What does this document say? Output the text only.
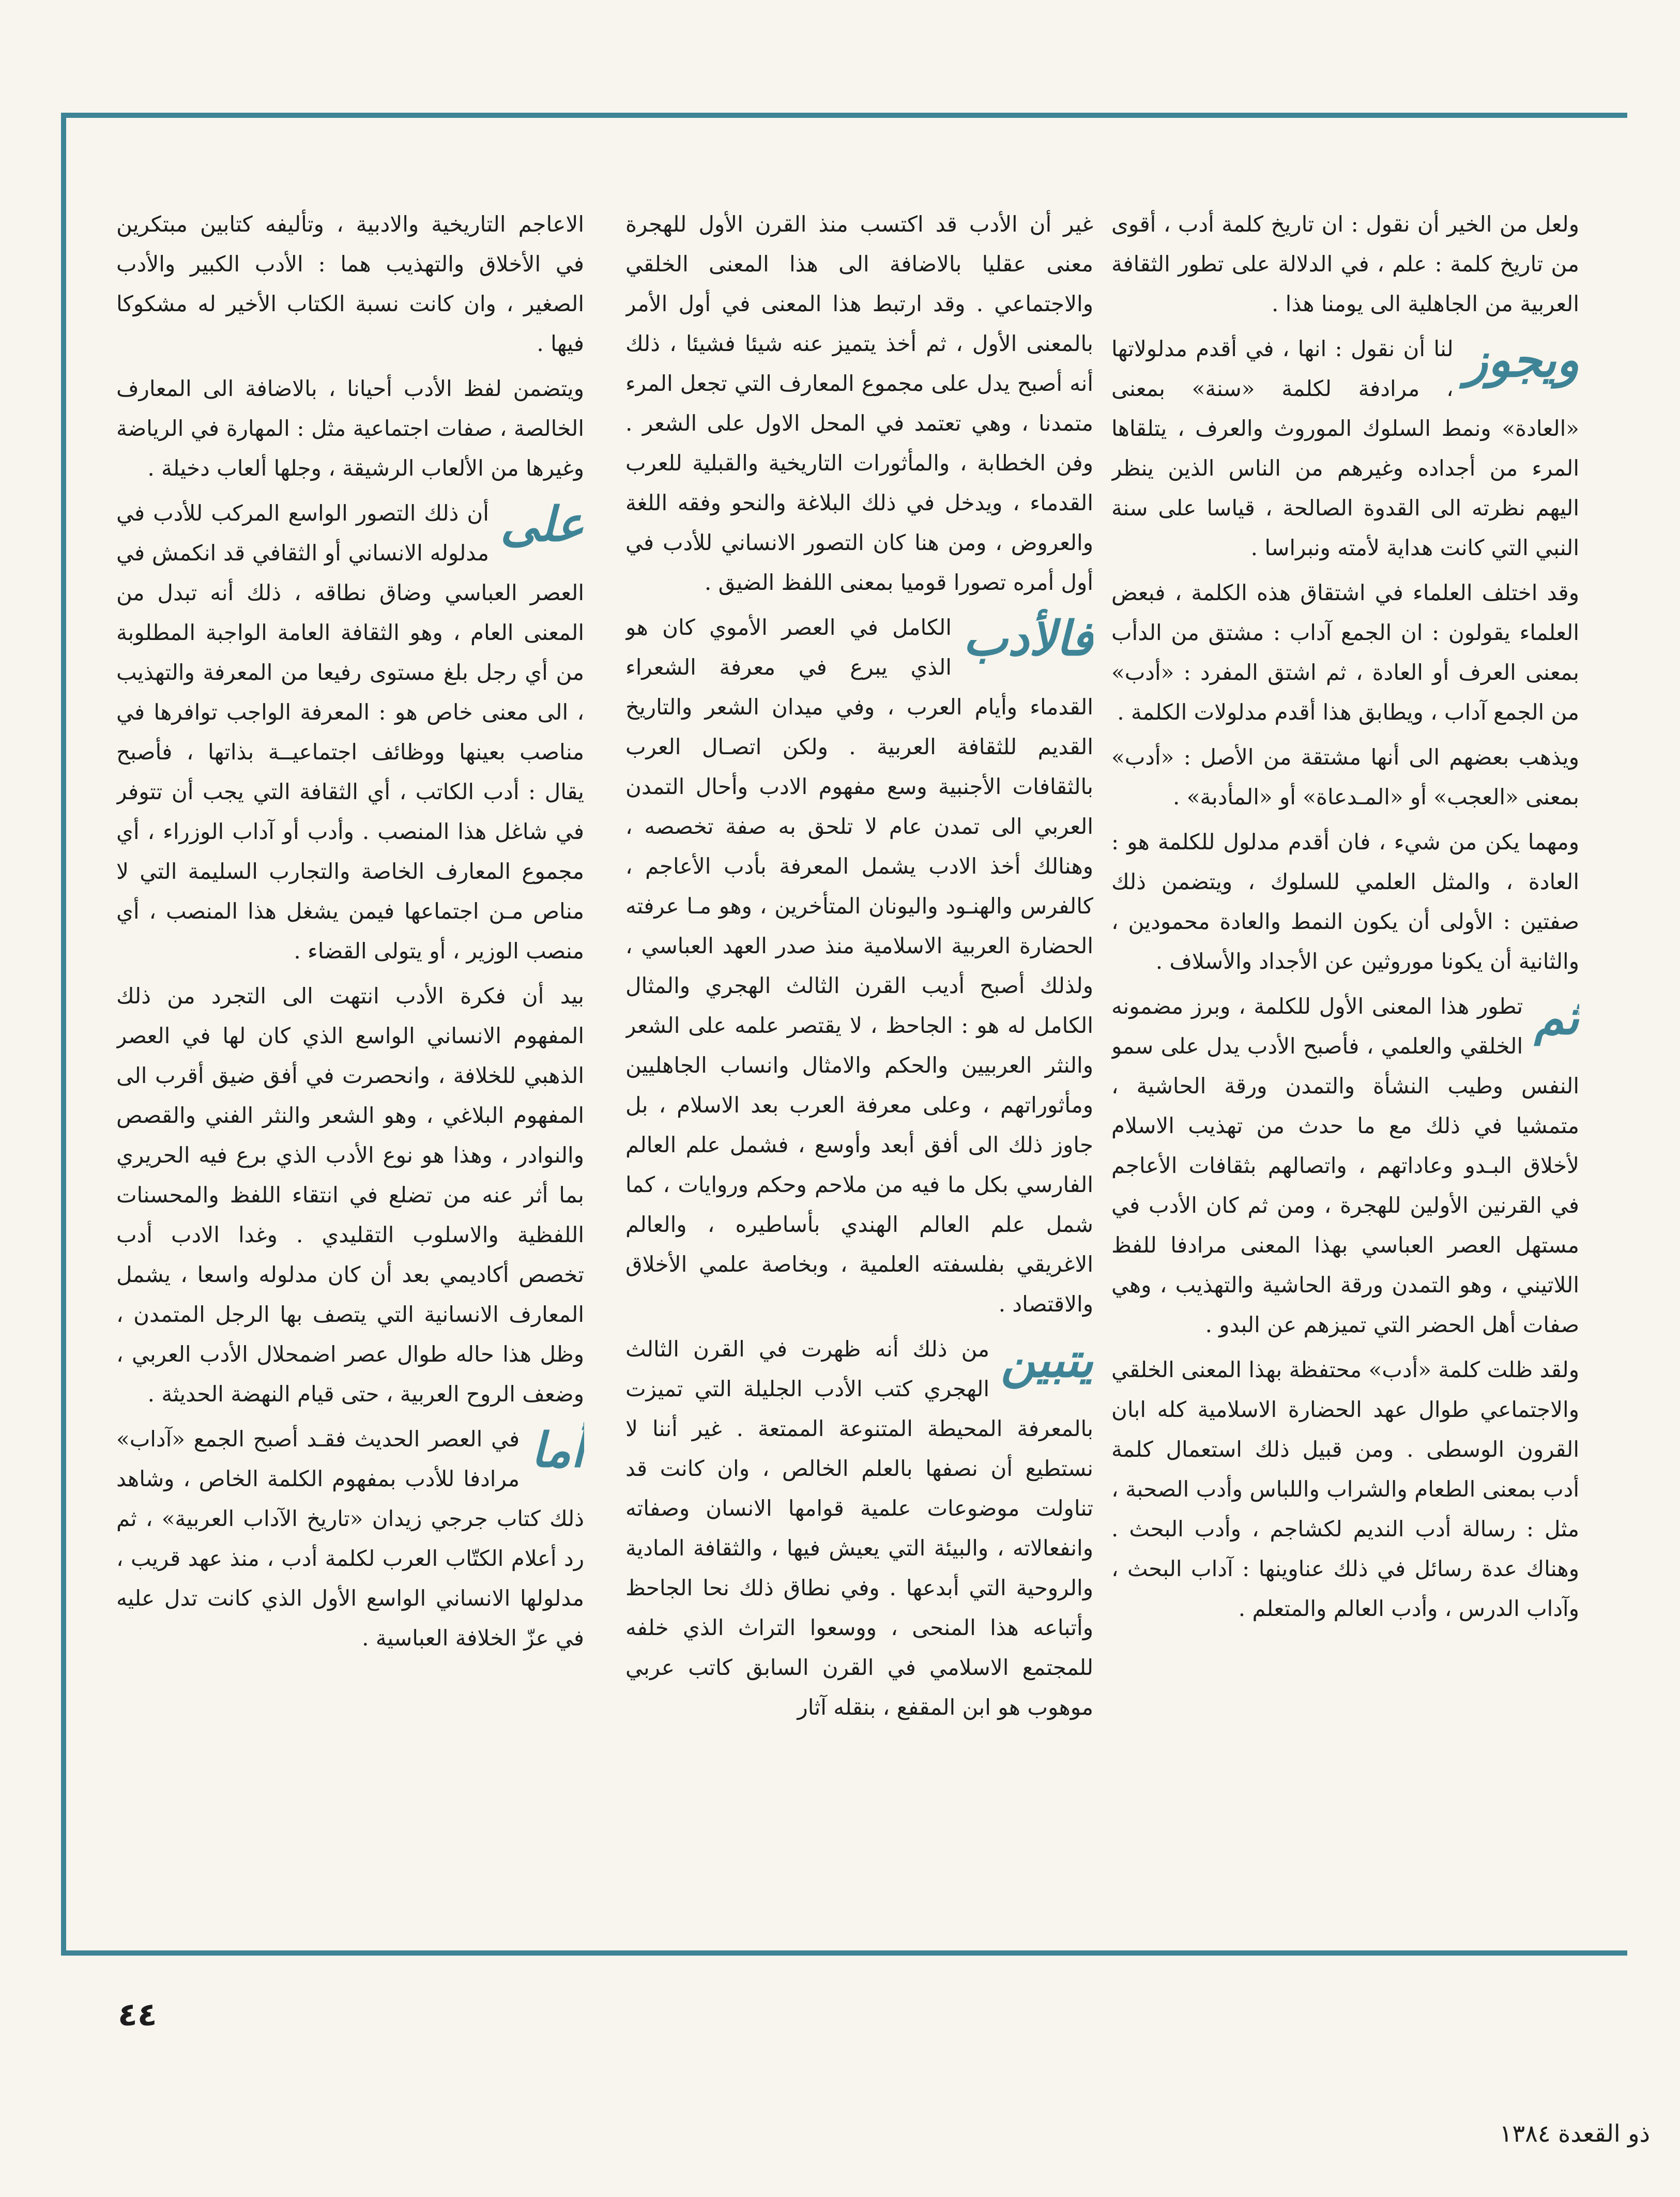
ولعل من الخير أن نقول : ان تاريخ كلمة أدب ، أقوى من تاريخ كلمة : علم ، في الدلالة على تطور الثقافة العربية من الجاهلية الى يومنا هذا .

ويجوز
لنا أن نقول : انها ، في أقدم مدلولاتها ، مرادفة لكلمة «سنة» بمعنى «العادة» ونمط السلوك الموروث والعرف ، يتلقاها المرء من أجداده وغيرهم من الناس الذين ينظر اليهم نظرته الى القدوة الصالحة ، قياسا على سنة النبي التي كانت هداية لأمته ونبراسا .

وقد اختلف العلماء في اشتقاق هذه الكلمة ، فبعض العلماء يقولون : ان الجمع آداب : مشتق من الدأب بمعنى العرف أو العادة ، ثم اشتق المفرد : «أدب» من الجمع آداب ، ويطابق هذا أقدم مدلولات الكلمة .

ويذهب بعضهم الى أنها مشتقة من الأصل : «أدب» بمعنى «العجب» أو «المـدعاة» أو «المأدبة» .

ومهما يكن من شيء ، فان أقدم مدلول للكلمة هو : العادة ، والمثل العلمي للسلوك ، ويتضمن ذلك صفتين : الأولى أن يكون النمط والعادة محمودين ، والثانية أن يكونا موروثين عن الأجداد والأسلاف .

ثم
تطور هذا المعنى الأول للكلمة ، وبرز مضمونه الخلقي والعلمي ، فأصبح الأدب يدل على سمو النفس وطيب النشأة والتمدن ورقة الحاشية ، متمشيا في ذلك مع ما حدث من تهذيب الاسلام لأخلاق البـدو وعاداتهم ، واتصالهم بثقافات الأعاجم في القرنين الأولين للهجرة ، ومن ثم كان الأدب في مستهل العصر العباسي بهذا المعنى مرادفا للفظ اللاتيني ، وهو التمدن ورقة الحاشية والتهذيب ، وهي صفات أهل الحضر التي تميزهم عن البدو .

ولقد ظلت كلمة «أدب» محتفظة بهذا المعنى الخلقي والاجتماعي طوال عهد الحضارة الاسلامية كله ابان القرون الوسطى . ومن قبيل ذلك استعمال كلمة أدب بمعنى الطعام والشراب واللباس وأدب الصحبة ، مثل : رسالة أدب النديم لكشاجم ، وأدب البحث . وهناك عدة رسائل في ذلك عناوينها : آداب البحث ، وآداب الدرس ، وأدب العالم والمتعلم .

غير أن الأدب قد اكتسب منذ القرن الأول للهجرة معنى عقليا بالاضافة الى هذا المعنى الخلقي والاجتماعي . وقد ارتبط هذا المعنى في أول الأمر بالمعنى الأول ، ثم أخذ يتميز عنه شيئا فشيئا ، ذلك أنه أصبح يدل على مجموع المعارف التي تجعل المرء متمدنا ، وهي تعتمد في المحل الاول على الشعر . وفن الخطابة ، والمأثورات التاريخية والقبلية للعرب القدماء ، ويدخل في ذلك البلاغة والنحو وفقه اللغة والعروض ، ومن هنا كان التصور الانساني للأدب في أول أمره تصورا قوميا بمعنى اللفظ الضيق .

فالأدب
الكامل في العصر الأموي كان هو الذي يبرع في معرفة الشعراء القدماء وأيام العرب ، وفي ميدان الشعر والتاريخ القديم للثقافة العربية . ولكن اتصـال العرب بالثقافات الأجنبية وسع مفهوم الادب وأحال التمدن العربي الى تمدن عام لا تلحق به صفة تخصصه ، وهنالك أخذ الادب يشمل المعرفة بأدب الأعاجم ، كالفرس والهنـود واليونان المتأخرين ، وهو مـا عرفته الحضارة العربية الاسلامية منذ صدر العهد العباسي ، ولذلك أصبح أديب القرن الثالث الهجري والمثال الكامل له هو : الجاحظ ، لا يقتصر علمه على الشعر والنثر العربيين والحكم والامثال وانساب الجاهليين ومأثوراتهم ، وعلى معرفة العرب بعد الاسلام ، بل جاوز ذلك الى أفق أبعد وأوسع ، فشمل علم العالم الفارسي بكل ما فيه من ملاحم وحكم وروايات ، كما شمل علم العالم الهندي بأساطيره ، والعالم الاغريقي بفلسفته العلمية ، وبخاصة علمي الأخلاق والاقتصاد .

يتبين
من ذلك أنه ظهرت في القرن الثالث الهجري كتب الأدب الجليلة التي تميزت بالمعرفة المحيطة المتنوعة الممتعة . غير أننا لا نستطيع أن نصفها بالعلم الخالص ، وان كانت قد تناولت موضوعات علمية قوامها الانسان وصفاته وانفعالاته ، والبيئة التي يعيش فيها ، والثقافة المادية والروحية التي أبدعها . وفي نطاق ذلك نحا الجاحظ وأتباعه هذا المنحى ، ووسعوا التراث الذي خلفه للمجتمع الاسلامي في القرن السابق كاتب عربي موهوب هو ابن المقفع ، بنقله آثار

الاعاجم التاريخية والادبية ، وتأليفه كتابين مبتكرين في الأخلاق والتهذيب هما : الأدب الكبير والأدب الصغير ، وان كانت نسبة الكتاب الأخير له مشكوكا فيها .

ويتضمن لفظ الأدب أحيانا ، بالاضافة الى المعارف الخالصة ، صفات اجتماعية مثل : المهارة في الرياضة وغيرها من الألعاب الرشيقة ، وجلها ألعاب دخيلة .

على
أن ذلك التصور الواسع المركب للأدب في مدلوله الانساني أو الثقافي قد انكمش في العصر العباسي وضاق نطاقه ، ذلك أنه تبدل من المعنى العام ، وهو الثقافة العامة الواجبة المطلوبة من أي رجل بلغ مستوى رفيعا من المعرفة والتهذيب ، الى معنى خاص هو : المعرفة الواجب توافرها في مناصب بعينها ووظائف اجتماعيــة بذاتها ، فأصبح يقال : أدب الكاتب ، أي الثقافة التي يجب أن تتوفر في شاغل هذا المنصب . وأدب أو آداب الوزراء ، أي مجموع المعارف الخاصة والتجارب السليمة التي لا مناص مـن اجتماعها فيمن يشغل هذا المنصب ، أي منصب الوزير ، أو يتولى القضاء .

بيد أن فكرة الأدب انتهت الى التجرد من ذلك المفهوم الانساني الواسع الذي كان لها في العصر الذهبي للخلافة ، وانحصرت في أفق ضيق أقرب الى المفهوم البلاغي ، وهو الشعر والنثر الفني والقصص والنوادر ، وهذا هو نوع الأدب الذي برع فيه الحريري بما أثر عنه من تضلع في انتقاء اللفظ والمحسنات اللفظية والاسلوب التقليدي . وغدا الادب أدب تخصص أكاديمي بعد أن كان مدلوله واسعا ، يشمل المعارف الانسانية التي يتصف بها الرجل المتمدن ، وظل هذا حاله طوال عصر اضمحلال الأدب العربي ، وضعف الروح العربية ، حتى قيام النهضة الحديثة .

أما
في العصر الحديث فقـد أصبح الجمع «آداب» مرادفا للأدب بمفهوم الكلمة الخاص ، وشاهد ذلك كتاب جرجي زيدان «تاريخ الآداب العربية» ، ثم رد أعلام الكتّاب العرب لكلمة أدب ، منذ عهد قريب ، مدلولها الانساني الواسع الأول الذي كانت تدل عليه في عزّ الخلافة العباسية .

٤٤
ذو القعدة ١٣٨٤
